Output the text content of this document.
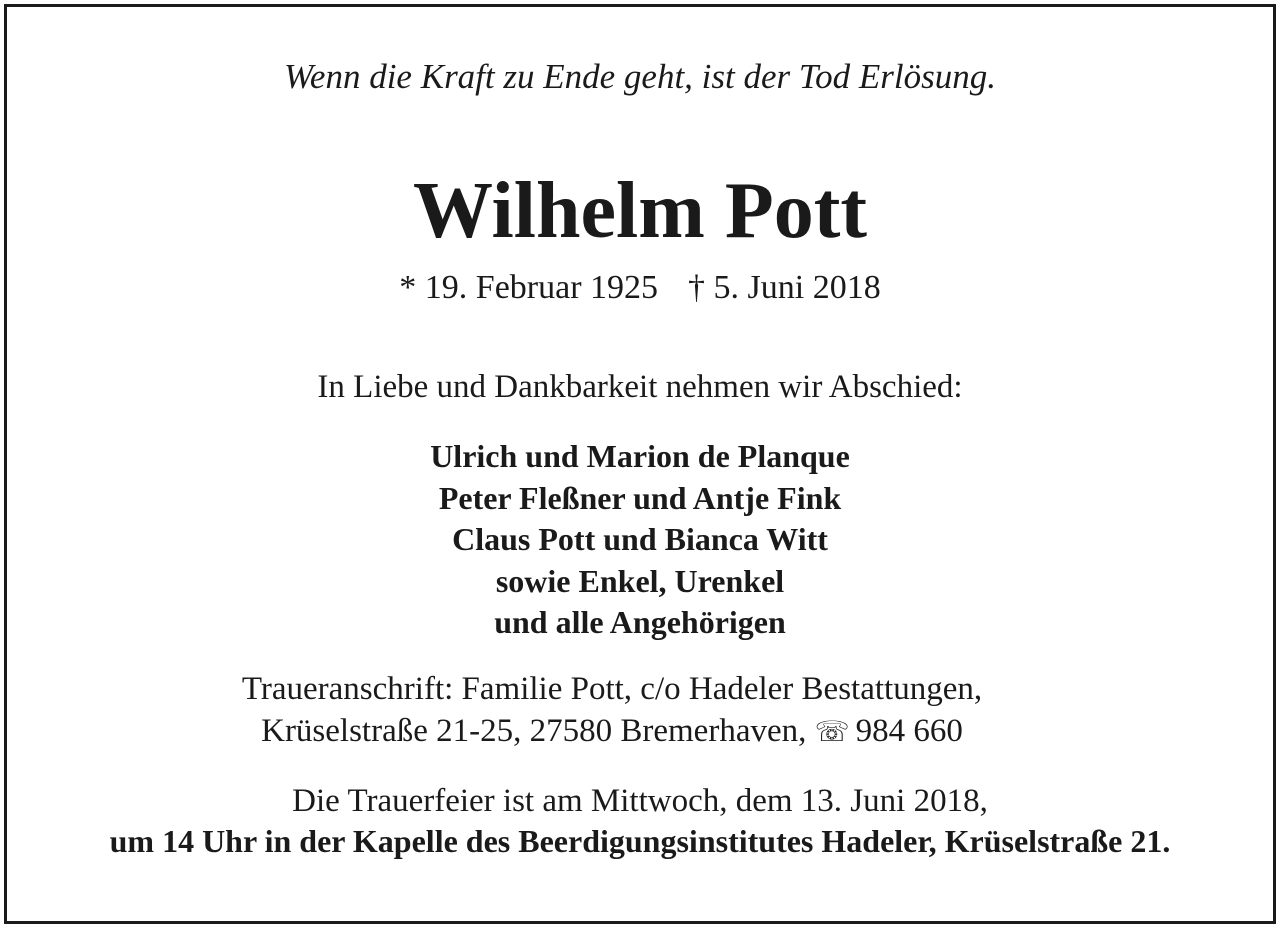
Wenn die Kraft zu Ende geht, ist der Tod Erlösung.
Wilhelm Pott
* 19. Februar 1925 † 5. Juni 2018
In Liebe und Dankbarkeit nehmen wir Abschied:
Ulrich und Marion de Planque
Peter Fleßner und Antje Fink
Claus Pott und Bianca Witt
sowie Enkel, Urenkel
und alle Angehörigen
Traueranschrift: Familie Pott, c/o Hadeler Bestattungen,
Krüselstraße 21-25, 27580 Bremerhaven, ☏ 984 660
Die Trauerfeier ist am Mittwoch, dem 13. Juni 2018,
um 14 Uhr in der Kapelle des Beerdigungsinstitutes Hadeler, Krüselstraße 21.
